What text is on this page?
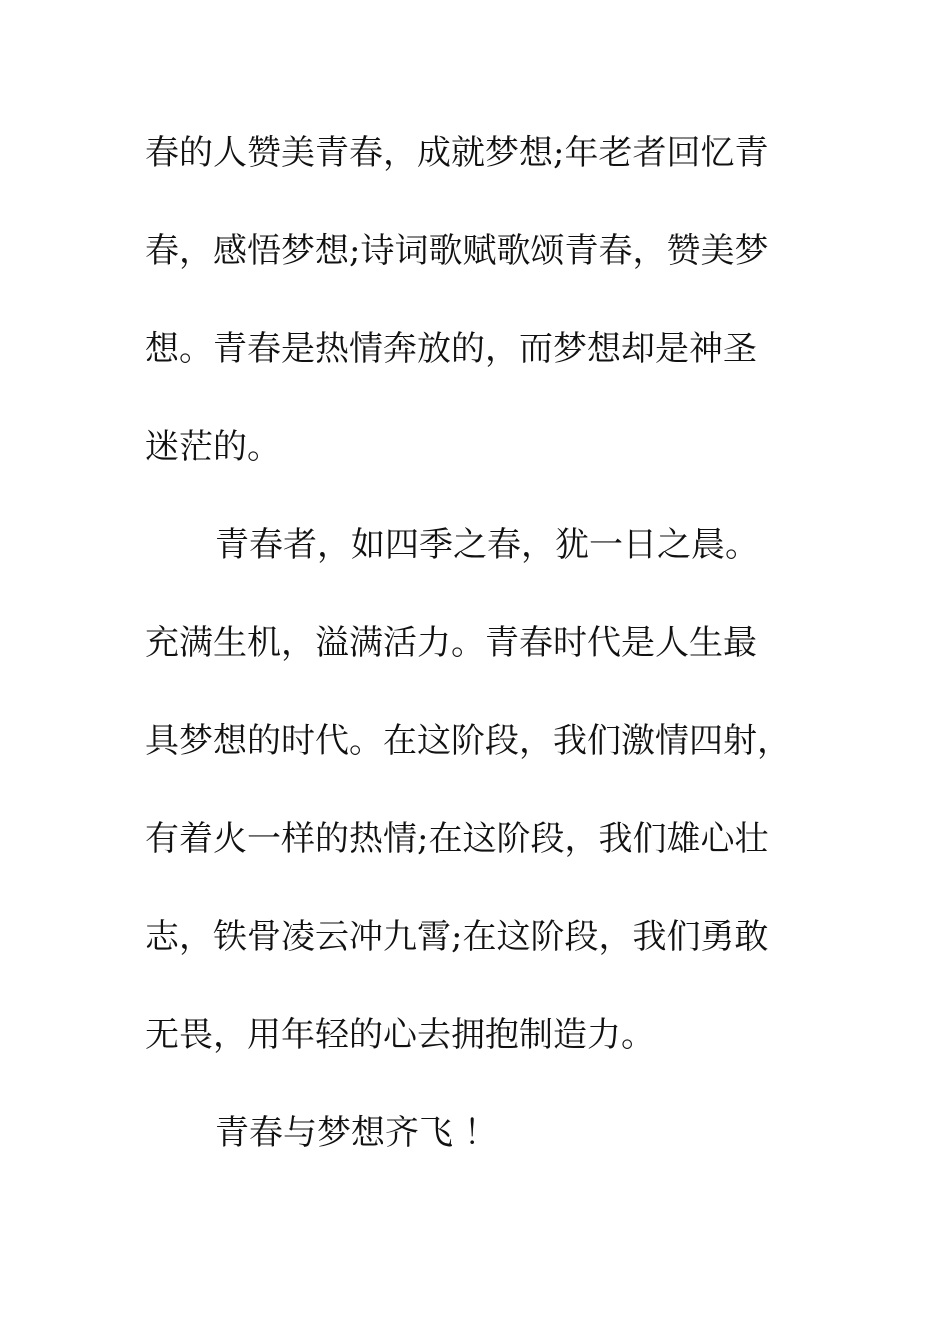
春的人赞美青春，成就梦想;年老者回忆青

春，感悟梦想;诗词歌赋歌颂青春，赞美梦

想。青春是热情奔放的，而梦想却是神圣

迷茫的。

青春者，如四季之春，犹一日之晨。

充满生机，溢满活力。青春时代是人生最

具梦想的时代。在这阶段，我们激情四射，

有着火一样的热情;在这阶段，我们雄心壮

志，铁骨凌云冲九霄;在这阶段，我们勇敢

无畏，用年轻的心去拥抱制造力。

青春与梦想齐飞 ！
